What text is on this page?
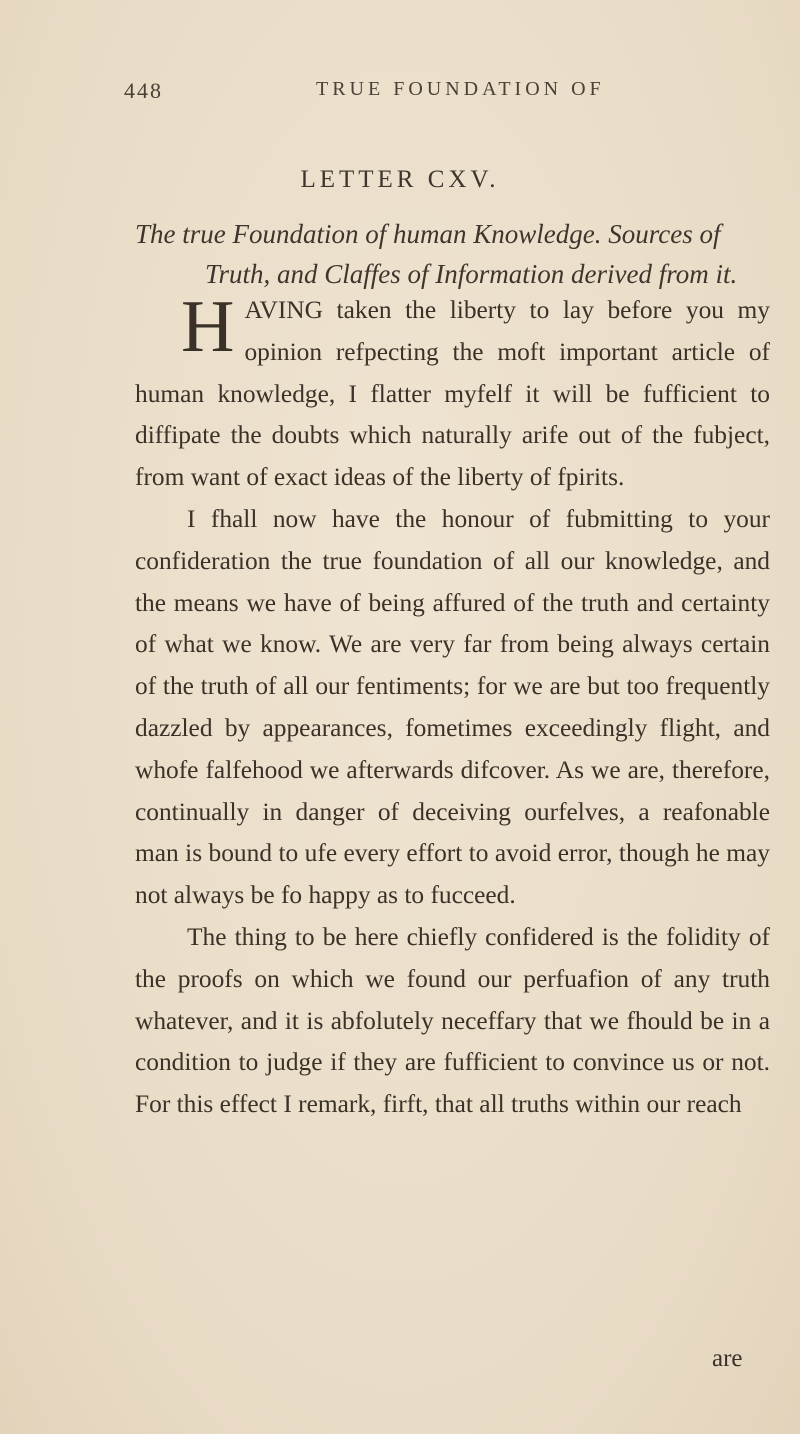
448	TRUE FOUNDATION OF
LETTER CXV.
The true Foundation of human Knowledge. Sources of
Truth, and Claffes of Information derived from it.

HAVING taken the liberty to lay before you my opinion refpecting the moft important article of human knowledge, I flatter myfelf it will be fufficient to diffipate the doubts which naturally arife out of the fubject, from want of exact ideas of the liberty of fpirits.

I fhall now have the honour of fubmitting to your confideration the true foundation of all our knowledge, and the means we have of being affured of the truth and certainty of what we know. We are very far from being always certain of the truth of all our fentiments; for we are but too frequently dazzled by appearances, fometimes exceedingly flight, and whofe falfehood we afterwards difcover. As we are, therefore, continually in danger of deceiving ourfelves, a reafonable man is bound to ufe every effort to avoid error, though he may not always be fo happy as to fucceed.

The thing to be here chiefly confidered is the folidity of the proofs on which we found our perfuafion of any truth whatever, and it is abfolutely neceffary that we fhould be in a condition to judge if they are fufficient to convince us or not. For this effect I remark, firft, that all truths within our reach

are
